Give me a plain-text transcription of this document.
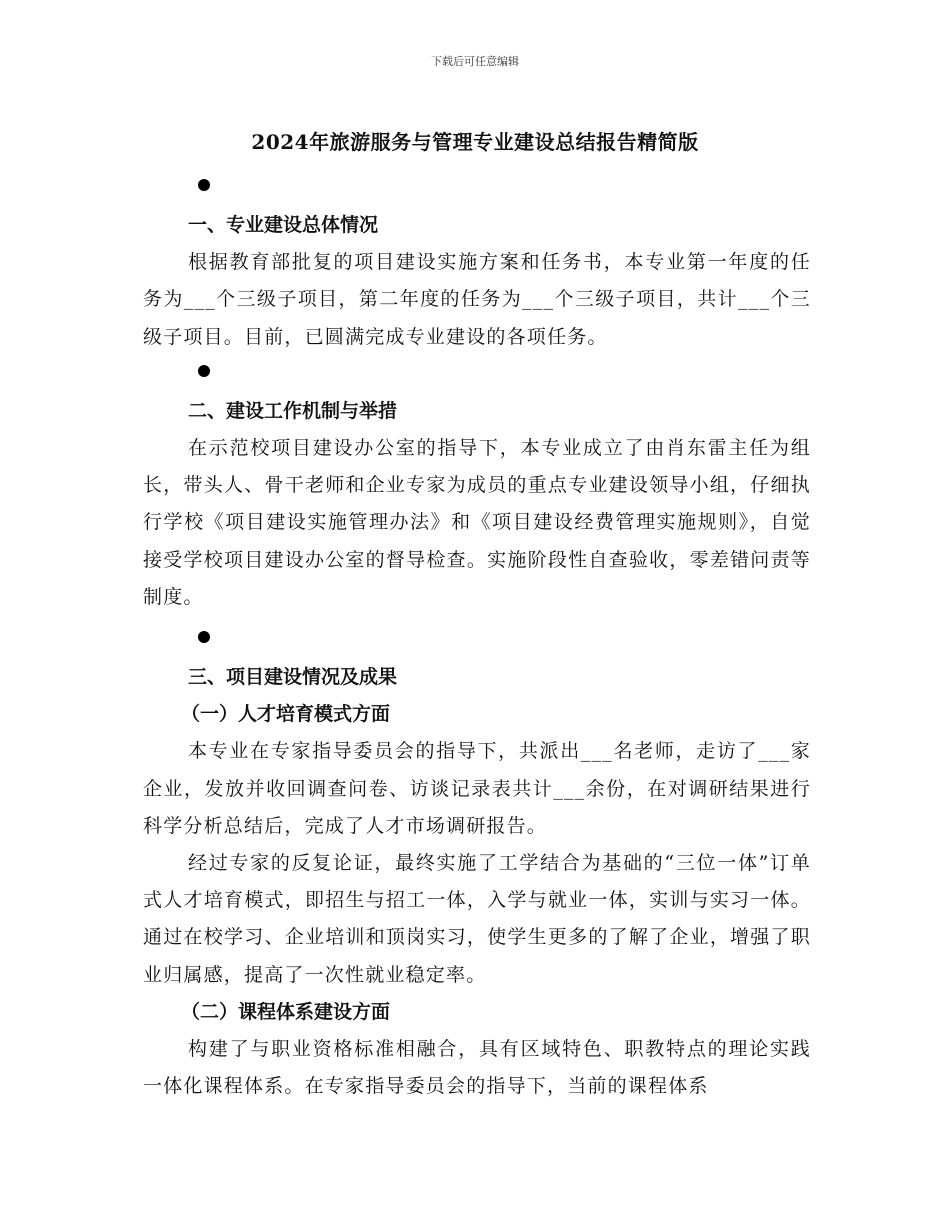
下载后可任意编辑
2024年旅游服务与管理专业建设总结报告精简版

一、专业建设总体情况

根据教育部批复的项目建设实施方案和任务书，本专业第一年度的任务为___个三级子项目，第二年度的任务为___个三级子项目，共计___个三级子项目。目前，已圆满完成专业建设的各项任务。

二、建设工作机制与举措

在示范校项目建设办公室的指导下，本专业成立了由肖东雷主任为组长，带头人、骨干老师和企业专家为成员的重点专业建设领导小组，仔细执行学校《项目建设实施管理办法》和《项目建设经费管理实施规则》，自觉接受学校项目建设办公室的督导检查。实施阶段性自查验收，零差错问责等制度。

三、项目建设情况及成果

（一）人才培育模式方面

本专业在专家指导委员会的指导下，共派出___名老师，走访了___家企业，发放并收回调查问卷、访谈记录表共计___余份，在对调研结果进行科学分析总结后，完成了人才市场调研报告。

经过专家的反复论证，最终实施了工学结合为基础的“三位一体”订单式人才培育模式，即招生与招工一体，入学与就业一体，实训与实习一体。通过在校学习、企业培训和顶岗实习，使学生更多的了解了企业，增强了职业归属感，提高了一次性就业稳定率。

（二）课程体系建设方面

构建了与职业资格标准相融合，具有区域特色、职教特点的理论实践一体化课程体系。在专家指导委员会的指导下，当前的课程体系
